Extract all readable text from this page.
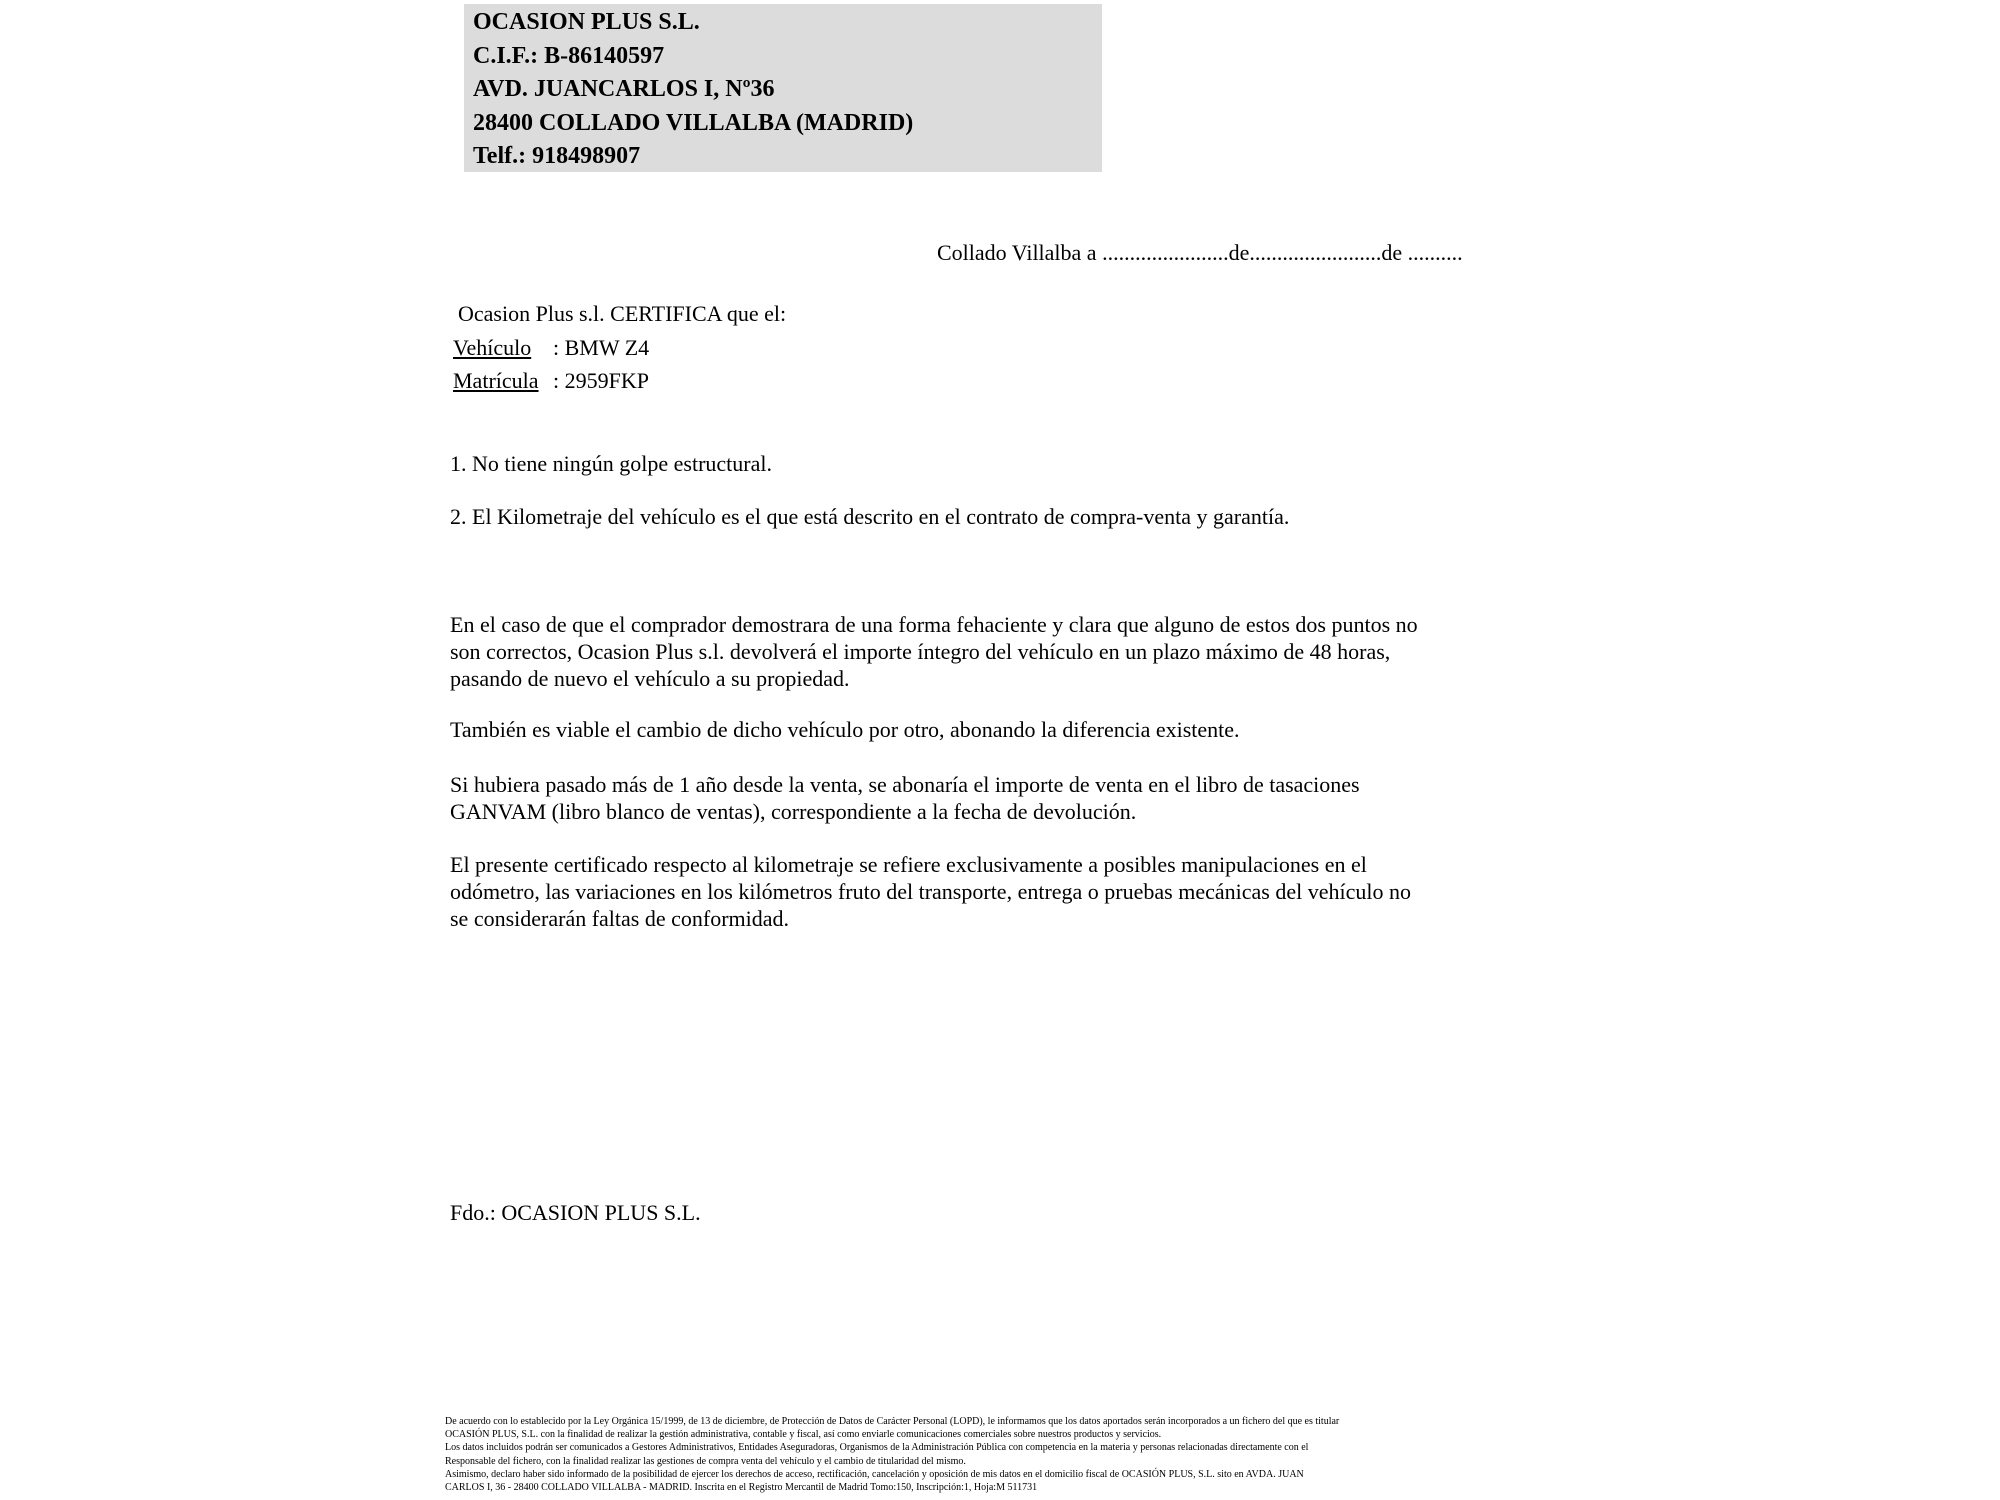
OCASION PLUS S.L.
C.I.F.: B-86140597
AVD. JUANCARLOS I, Nº36
28400 COLLADO VILLALBA (MADRID)
Telf.: 918498907
Collado Villalba a .......................de........................de ..........
Ocasion Plus s.l. CERTIFICA que el:
Vehículo : BMW Z4
Matrícula : 2959FKP
1. No tiene ningún golpe estructural.
2. El Kilometraje del vehículo es el que está descrito en el contrato de compra-venta y garantía.
En el caso de que el comprador demostrara de una forma fehaciente y clara que alguno de estos dos puntos no
son correctos, Ocasion Plus s.l. devolverá el importe íntegro del vehículo en un plazo máximo de 48 horas,
pasando de nuevo el vehículo a su propiedad.
También es viable el cambio de dicho vehículo por otro, abonando la diferencia existente.
Si hubiera pasado más de 1 año desde la venta, se abonaría el importe de venta en el libro de tasaciones
GANVAM (libro blanco de ventas), correspondiente a la fecha de devolución.
El presente certificado respecto al kilometraje se refiere exclusivamente a posibles manipulaciones en el
odómetro, las variaciones en los kilómetros fruto del transporte, entrega o pruebas mecánicas del vehículo no
se considerarán faltas de conformidad.
Fdo.: OCASION PLUS S.L.
De acuerdo con lo establecido por la Ley Orgánica 15/1999, de 13 de diciembre, de Protección de Datos de Carácter Personal (LOPD), le informamos que los datos aportados serán incorporados a un fichero del que es titular
OCASIÓN PLUS, S.L. con la finalidad de realizar la gestión administrativa, contable y fiscal, así como enviarle comunicaciones comerciales sobre nuestros productos y servicios.
Los datos incluidos podrán ser comunicados a Gestores Administrativos, Entidades Aseguradoras, Organismos de la Administración Pública con competencia en la materia y personas relacionadas directamente con el
Responsable del fichero, con la finalidad realizar las gestiones de compra venta del vehículo y el cambio de titularidad del mismo.
Asimismo, declaro haber sido informado de la posibilidad de ejercer los derechos de acceso, rectificación, cancelación y oposición de mis datos en el domicilio fiscal de OCASIÓN PLUS, S.L. sito en AVDA. JUAN
CARLOS I, 36 - 28400 COLLADO VILLALBA - MADRID. Inscrita en el Registro Mercantil de Madrid Tomo:150, Inscripción:1, Hoja:M 511731
